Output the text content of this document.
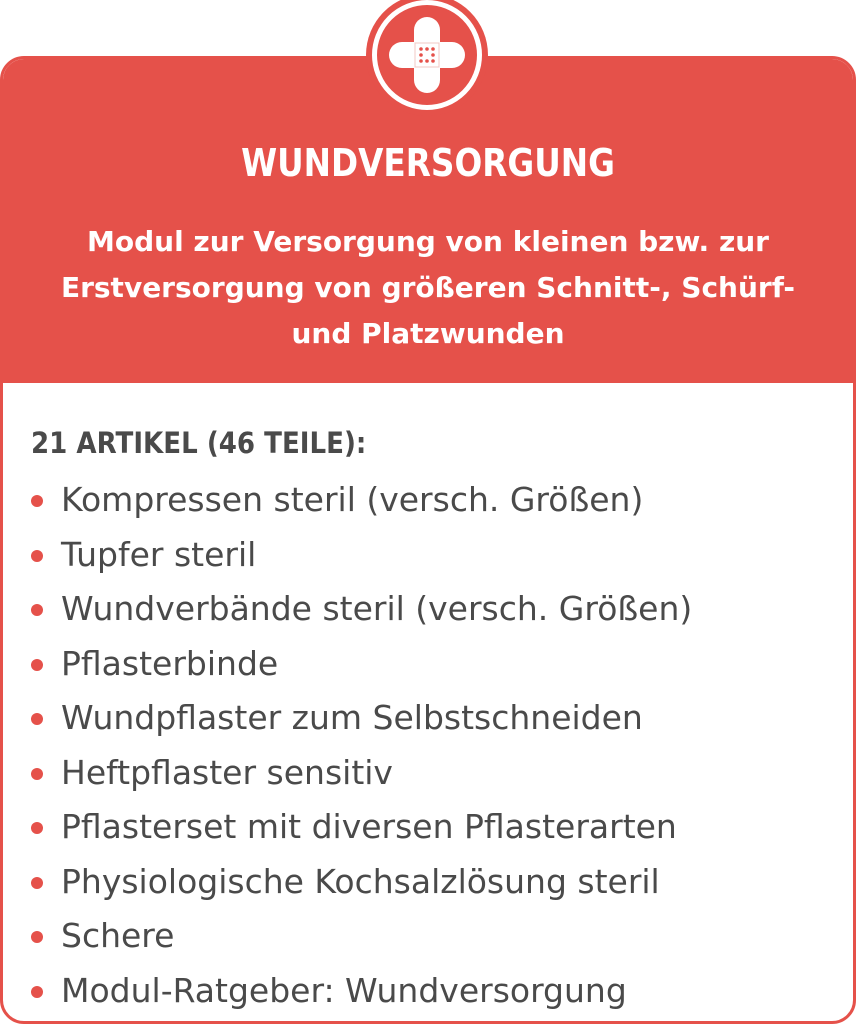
WUNDVERSORGUNG

Modul zur Versorgung von kleinen bzw. zur Erstversorgung von größeren Schnitt-, Schürf- und Platzwunden

21 ARTIKEL (46 TEILE):
Kompressen steril (versch. Größen)
Tupfer steril
Wundverbände steril (versch. Größen)
Pflasterbinde
Wundpflaster zum Selbstschneiden
Heftpflaster sensitiv
Pflasterset mit diversen Pflasterarten
Physiologische Kochsalzlösung steril
Schere
Modul-Ratgeber: Wundversorgung
